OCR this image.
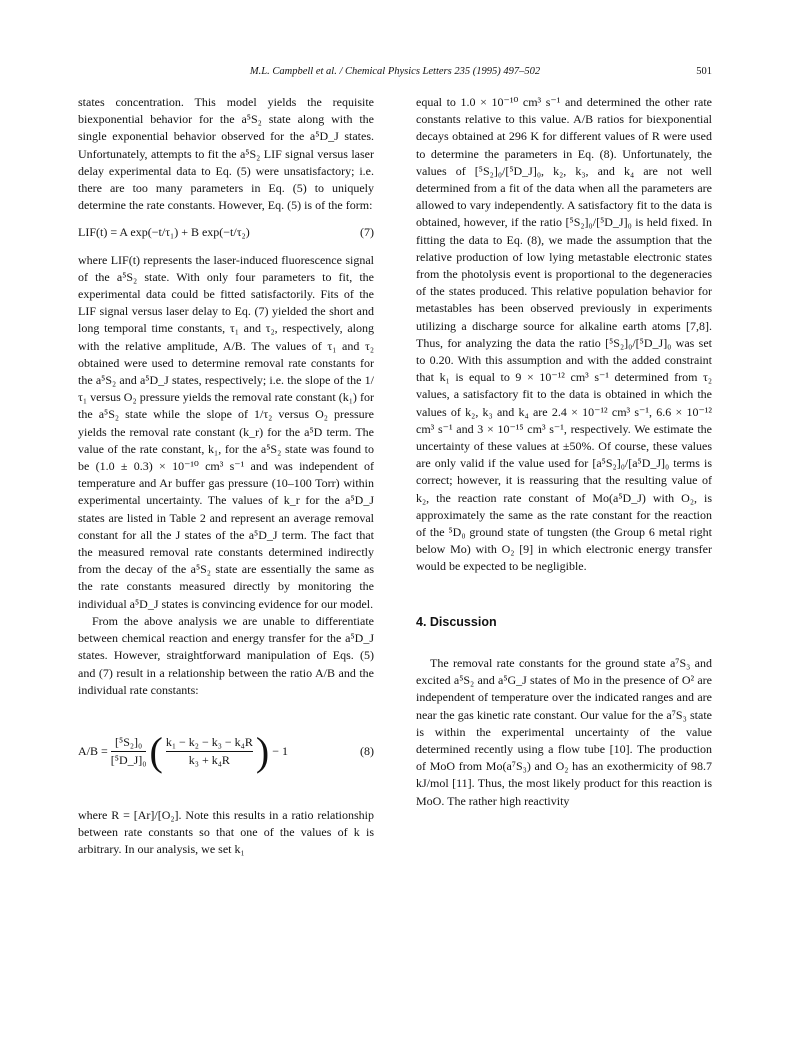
M.L. Campbell et al. / Chemical Physics Letters 235 (1995) 497–502	501

states concentration. This model yields the requisite biexponential behavior for the a⁵S₂ state along with the single exponential behavior observed for the a⁵D_J states. Unfortunately, attempts to fit the a⁵S₂ LIF signal versus laser delay experimental data to Eq. (5) were unsatisfactory; i.e. there are too many parameters in Eq. (5) to uniquely determine the rate constants. However, Eq. (5) is of the form:

LIF(t) = A exp(−t/τ₁) + B exp(−t/τ₂)	(7)

where LIF(t) represents the laser-induced fluorescence signal of the a⁵S₂ state. With only four parameters to fit, the experimental data could be fitted satisfactorily. Fits of the LIF signal versus laser delay to Eq. (7) yielded the short and long temporal time constants, τ₁ and τ₂, respectively, along with the relative amplitude, A/B. The values of τ₁ and τ₂ obtained were used to determine removal rate constants for the a⁵S₂ and a⁵D_J states, respectively; i.e. the slope of the 1/τ₁ versus O₂ pressure yields the removal rate constant (k₁) for the a⁵S₂ state while the slope of 1/τ₂ versus O₂ pressure yields the removal rate constant (k_r) for the a⁵D term. The value of the rate constant, k₁, for the a⁵S₂ state was found to be (1.0 ± 0.3) × 10⁻¹⁰ cm³ s⁻¹ and was independent of temperature and Ar buffer gas pressure (10–100 Torr) within experimental uncertainty. The values of k_r for the a⁵D_J states are listed in Table 2 and represent an average removal constant for all the J states of the a⁵D_J term. The fact that the measured removal rate constants determined indirectly from the decay of the a⁵S₂ state are essentially the same as the rate constants measured directly by monitoring the individual a⁵D_J states is convincing evidence for our model.

From the above analysis we are unable to differentiate between chemical reaction and energy transfer for the a⁵D_J states. However, straightforward manipulation of Eqs. (5) and (7) result in a relationship between the ratio A/B and the individual rate constants:

$A/B = \frac{\text{[⁵S₂]₀}}{\text{[⁵D\_J]₀}}$ ( $\frac{\text{k₁ − k₂ − k₃ − k₄R}}{\text{k₃ + k₄R}}$ ) − 1	(8)

where R = [Ar]/[O₂]. Note this results in a ratio relationship between rate constants so that one of the values of k is arbitrary. In our analysis, we set k₁

equal to 1.0 × 10⁻¹⁰ cm³ s⁻¹ and determined the other rate constants relative to this value. A/B ratios for biexponential decays obtained at 296 K for different values of R were used to determine the parameters in Eq. (8). Unfortunately, the values of [⁵S₂]₀/[⁵D_J]₀, k₂, k₃, and k₄ are not well determined from a fit of the data when all the parameters are allowed to vary independently. A satisfactory fit to the data is obtained, however, if the ratio [⁵S₂]₀/[⁵D_J]₀ is held fixed. In fitting the data to Eq. (8), we made the assumption that the relative production of low lying metastable electronic states from the photolysis event is proportional to the degeneracies of the states produced. This relative population behavior for metastables has been observed previously in experiments utilizing a discharge source for alkaline earth atoms [7,8]. Thus, for analyzing the data the ratio [⁵S₂]₀/[⁵D_J]₀ was set to 0.20. With this assumption and with the added constraint that k₁ is equal to 9 × 10⁻¹² cm³ s⁻¹ determined from τ₂ values, a satisfactory fit to the data is obtained in which the values of k₂, k₃ and k₄ are 2.4 × 10⁻¹² cm³ s⁻¹, 6.6 × 10⁻¹² cm³ s⁻¹ and 3 × 10⁻¹⁵ cm³ s⁻¹, respectively. We estimate the uncertainty of these values at ±50%. Of course, these values are only valid if the value used for [a⁵S₂]₀/[a⁵D_J]₀ terms is correct; however, it is reassuring that the resulting value of k₂, the reaction rate constant of Mo(a⁵D_J) with O₂, is approximately the same as the rate constant for the reaction of the ⁵D₀ ground state of tungsten (the Group 6 metal right below Mo) with O₂ [9] in which electronic energy transfer would be expected to be negligible.

4. Discussion

The removal rate constants for the ground state a⁷S₃ and excited a⁵S₂ and a⁵G_J states of Mo in the presence of O² are independent of temperature over the indicated ranges and are near the gas kinetic rate constant. Our value for the a⁷S₃ state is within the experimental uncertainty of the value determined recently using a flow tube [10]. The production of MoO from Mo(a⁷S₃) and O₂ has an exothermicity of 98.7 kJ/mol [11]. Thus, the most likely product for this reaction is MoO. The rather high reactivity
